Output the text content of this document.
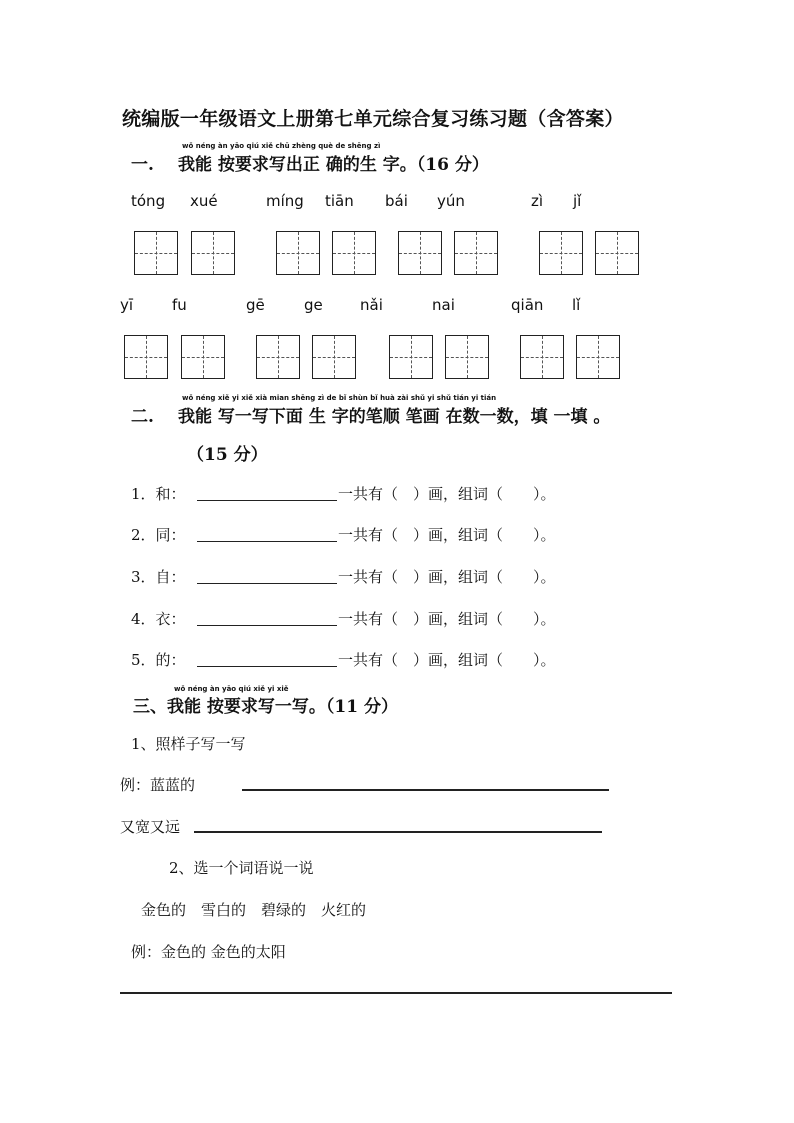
统编版一年级语文上册第七单元综合复习练习题（含答案）
wǒ néng àn yāo qiú xiě chū zhèng què de shēng zì
一. 我能 按要求写出正 确的生 字。（16 分）
tóng xué	míng tiān bái yún	zì jǐ
yī	fu	gē	ge nǎi	nai	qiān lǐ
wǒ néng xiě yi xiě xià mian shēng zì de bǐ shùn bǐ huà zài shǔ yi shǔ tián yi tián
二. 我能 写一写下面 生 字的笔顺 笔画 在数一数，填 一填 。
（15 分）
1．和：	一共有（　）画，组词（　　）。
2．同：	一共有（　）画，组词（　　）。
3．自：	一共有（　）画，组词（　　）。
4．衣：	一共有（　）画，组词（　　）。
5．的：	一共有（　）画，组词（　　）。
wǒ néng àn yāo qiú xiě yi xiě
三、我能 按要求写一写。（11 分）
1、照样子写一写
例：蓝蓝的
又宽又远
2、选一个词语说一说
金色的　雪白的　碧绿的　火红的
例：金色的 金色的太阳
